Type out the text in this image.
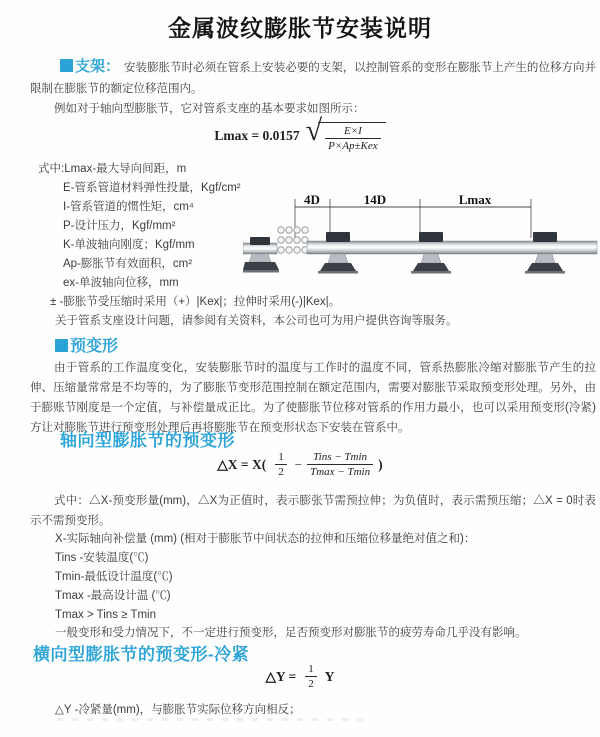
金属波纹膨胀节安装说明

支架： 安装膨胀节时必须在管系上安装必要的支架，以控制管系的变形在膨胀节上产生的位移方向并限制在膨胀节的额定位移范围内。

例如对于轴向型膨胀节，它对管系支座的基本要求如图所示：

Lmax = 0.0157 √ $\frac{E\times I}{\text{P×Ap±Kex}}$
式中:Lmax-最大导向间距，m
E-管系管道材料弹性投量，Kgf/cm²
I-管系管道的惯性矩，cm⁴
P-设计压力，Kgf/mm²
K-单波轴向刚度；Kgf/mm
Ap-膨胀节有效面积，cm²
ex-单波轴向位移，mm
± -膨胀节受压缩时采用（+）|Kex|；拉伸时采用(-)|Kex|。
关于管系支座设计问题，请参阅有关资料，本公司也可为用户提供咨询等服务。
4D	14D	Lmax
预变形

由于管系的工作温度变化，安装膨胀节时的温度与工作时的温度不同，管系热膨胀冷缩对膨胀节产生的拉伸、压缩量常常是不均等的，为了膨胀节变形范围控制在额定范围内，需要对膨胀节采取预变形处理。另外，由于膨账节刚度是一个定值，与补偿量成正比。为了使膨胀节位移对管系的作用力最小，也可以采用预变形(冷紧)方让对膨胀节进行预变形处理后再将膨胀节在预变形状态下安装在管系中。

轴向型膨胀节的预变形
△X = $X( \frac{1}{2} - \frac{\text{Tins − Tmin}}{Tmax - Tmin}$ )

式中：△X-预变形量(mm)，△X为正值时，表示膨张节需预拉伸；为负值时，表示需预压缩；△X = 0时表示不需预变形。

X-实际轴向补偿量 (mm) (相对于膨胀节中间状态的拉伸和压缩位移量绝对值之和)：
Tins -安装温度(℃)
Tmin-最低设计温度(℃)
Tmax -最高设计温 (℃)
Tmax > Tins ≥ Tmin
一般变形和受力情况下，不一定进行预变形，足否预变形对膨胀节的疲劳寿命几乎没有影响。
横向型膨胀节的预变形-冷紧
△Y = $\frac{1}{2}$ Y
△Y -冷紧量(mm)，与膨胀节实际位移方向相反；
